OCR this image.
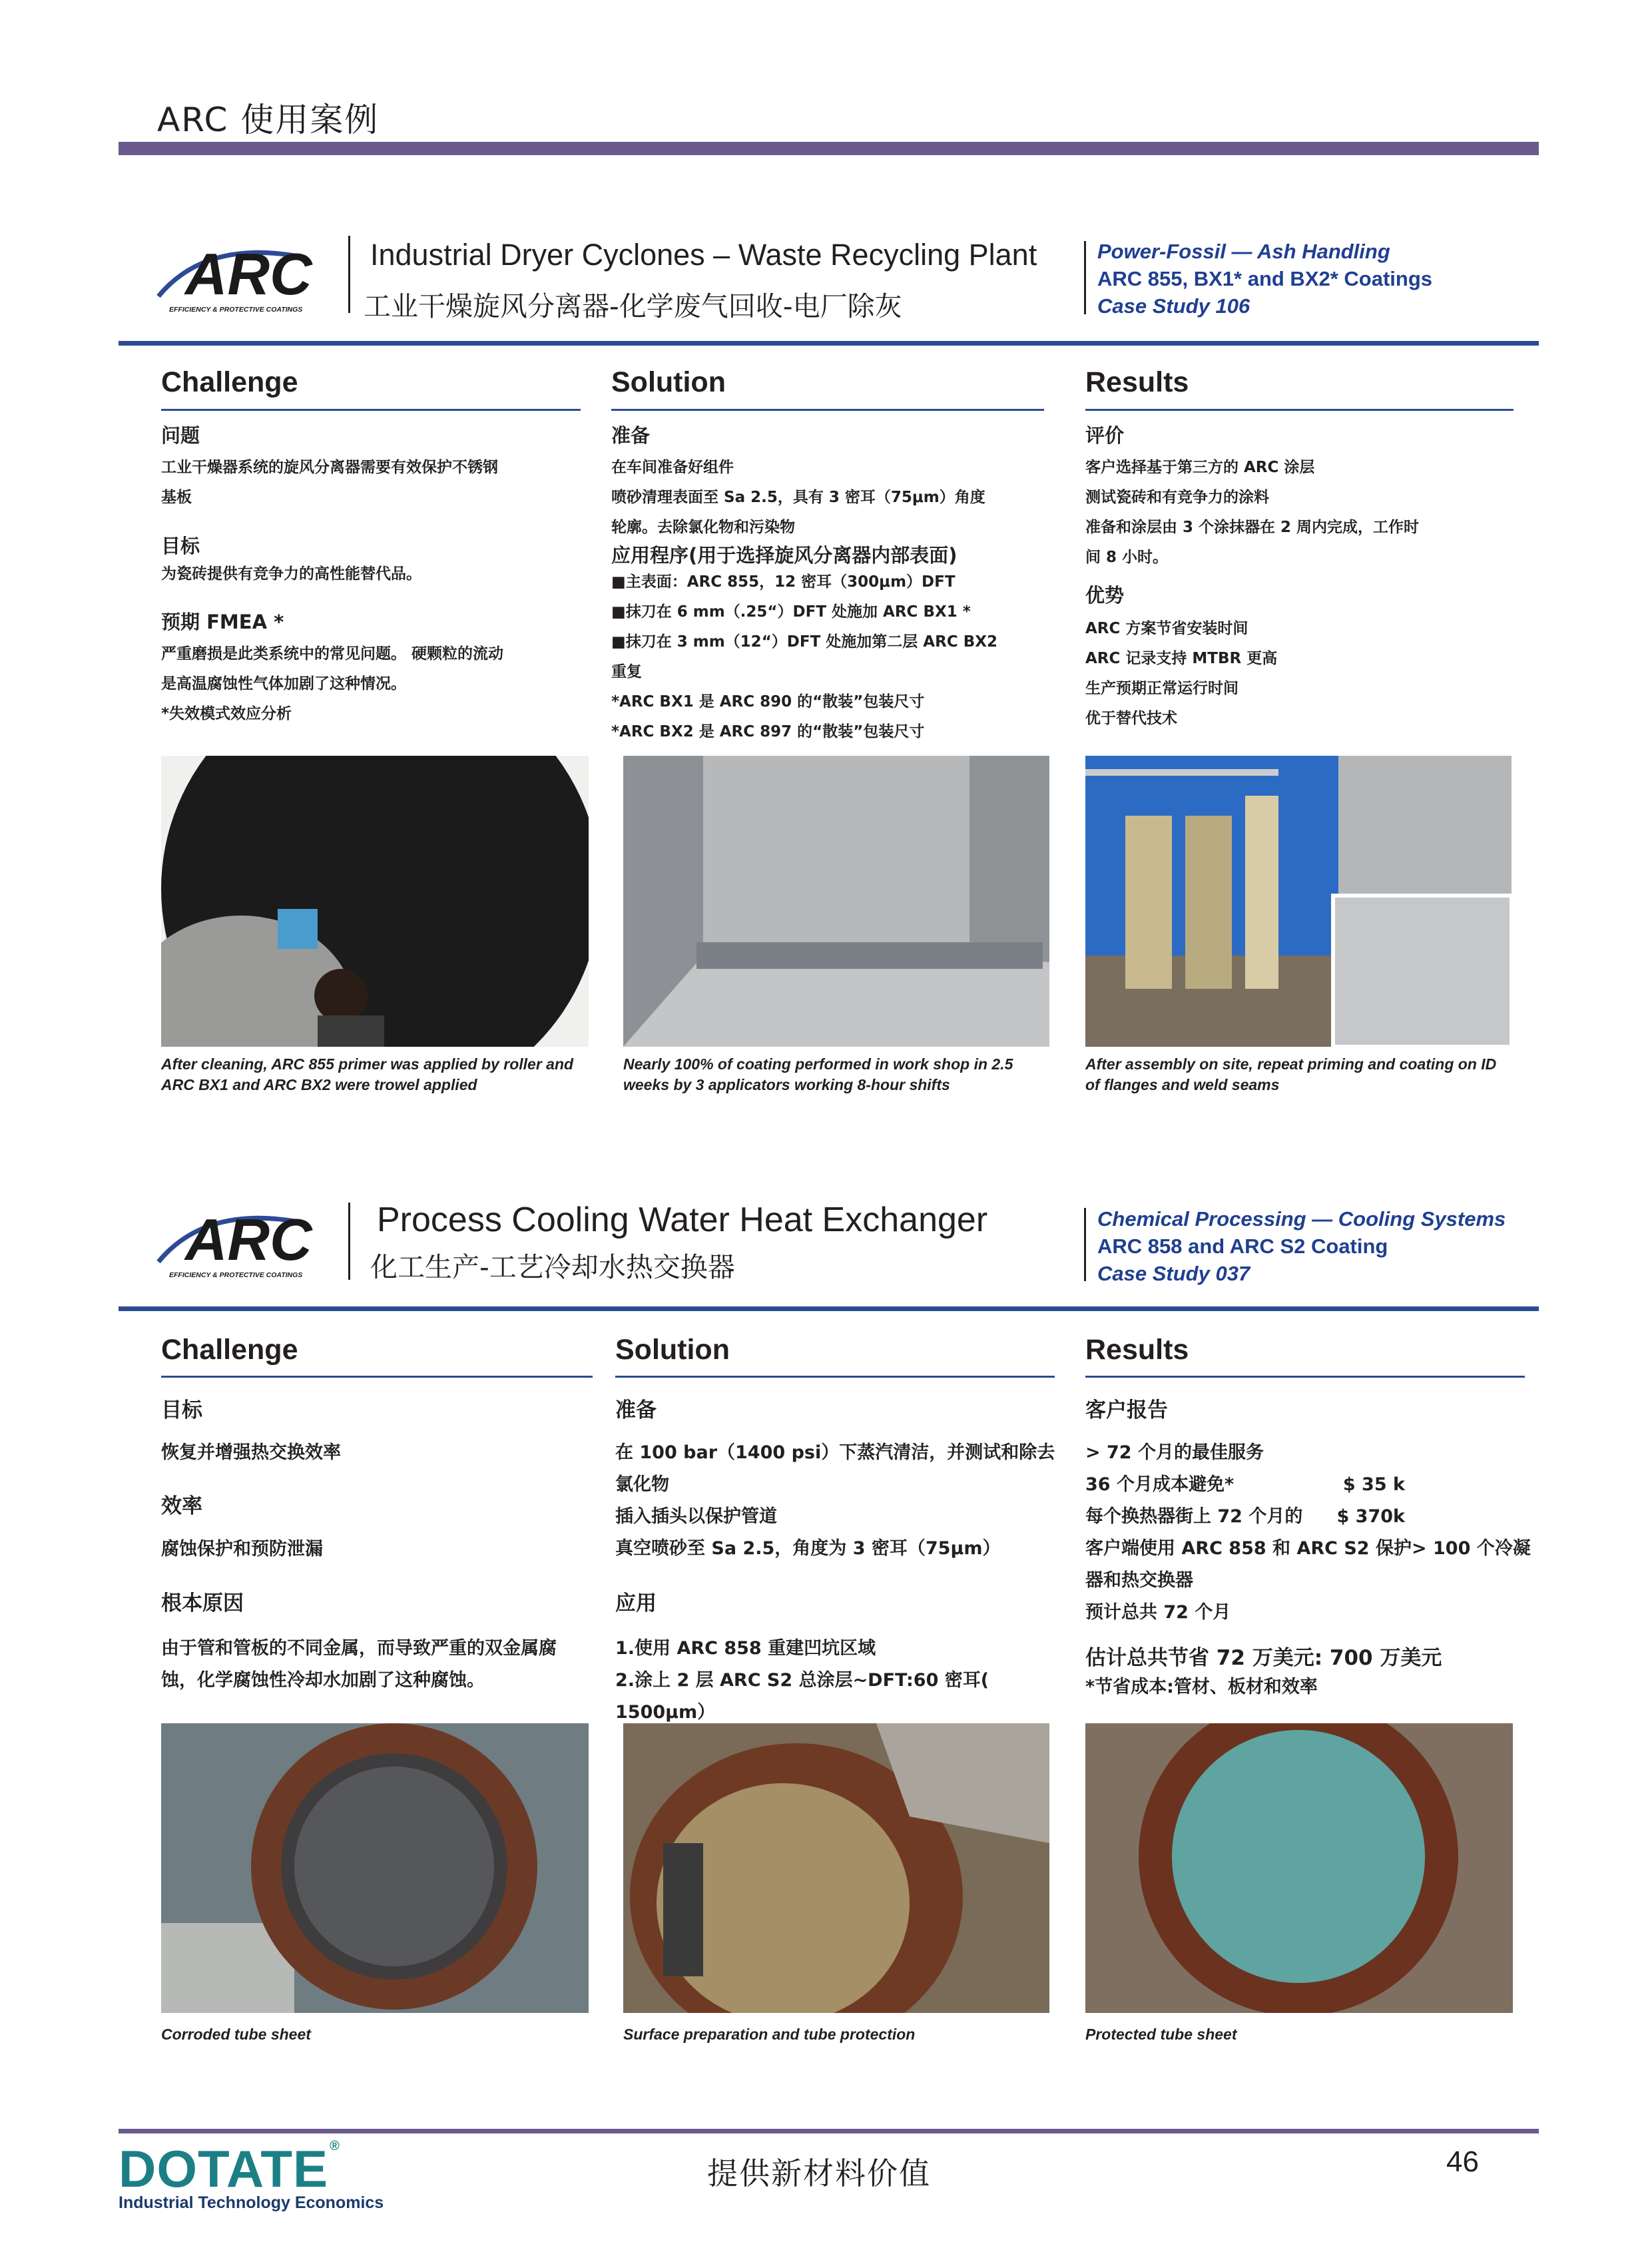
ARC 使用案例
ARC
EFFICIENCY & PROTECTIVE COATINGS
Industrial Dryer Cyclones – Waste Recycling Plant
工业干燥旋风分离器-化学废气回收-电厂除灰
Power-Fossil — Ash Handling
ARC 855, BX1* and BX2* Coatings
Case Study 106
Challenge	Solution	Results
问题
工业干燥器系统的旋风分离器需要有效保护不锈钢
基板
目标
为瓷砖提供有竞争力的高性能替代品。
预期 FMEA *
严重磨损是此类系统中的常见问题。 硬颗粒的流动
是高温腐蚀性气体加剧了这种情况。
*失效模式效应分析
准备
在车间准备好组件
喷砂清理表面至 Sa 2.5，具有 3 密耳（75μm）角度
轮廓。去除氯化物和污染物
应用程序(用于选择旋风分离器内部表面)
■主表面：ARC 855，12 密耳（300μm）DFT
■抹刀在 6 mm（.25“）DFT 处施加 ARC BX1 *
■抹刀在 3 mm（12“）DFT 处施加第二层 ARC BX2
重复
*ARC BX1 是 ARC 890 的“散装”包装尺寸
*ARC BX2 是 ARC 897 的“散装”包装尺寸
评价
客户选择基于第三方的 ARC 涂层
测试瓷砖和有竞争力的涂料
准备和涂层由 3 个涂抹器在 2 周内完成，工作时
间 8 小时。
优势
ARC 方案节省安装时间
ARC 记录支持 MTBR 更高
生产预期正常运行时间
优于替代技术
After cleaning, ARC 855 primer was applied by roller and
ARC BX1 and ARC BX2 were trowel applied
Nearly 100% of coating performed in work shop in 2.5
weeks by 3 applicators working 8-hour shifts
After assembly on site, repeat priming and coating on ID
of flanges and weld seams
ARC
EFFICIENCY & PROTECTIVE COATINGS
Process Cooling Water Heat Exchanger
化工生产-工艺冷却水热交换器
Chemical Processing — Cooling Systems
ARC 858 and ARC S2 Coating
Case Study 037
Challenge	Solution	Results
目标
恢复并增强热交换效率
效率
腐蚀保护和预防泄漏
根本原因
由于管和管板的不同金属，而导致严重的双金属腐
蚀，化学腐蚀性冷却水加剧了这种腐蚀。
准备
在 100 bar（1400 psi）下蒸汽清洁，并测试和除去
氯化物
插入插头以保护管道
真空喷砂至 Sa 2.5，角度为 3 密耳（75μm）
应用
1.使用 ARC 858 重建凹坑区域
2.涂上 2 层 ARC S2 总涂层~DFT:60 密耳( 1500μm）
客户报告
> 72 个月的最佳服务
36 个月成本避免*	$ 35 k
每个换热器街上 72 个月的 $ 370k
客户端使用 ARC 858 和 ARC S2 保护> 100 个冷凝
器和热交换器
预计总共 72 个月
估计总共节省 72 万美元: 700 万美元
*节省成本:管材、板材和效率
Corroded tube sheet	Surface preparation and tube protection	Protected tube sheet
DOTATE ®
Industrial Technology Economics
提供新材料价值	46
